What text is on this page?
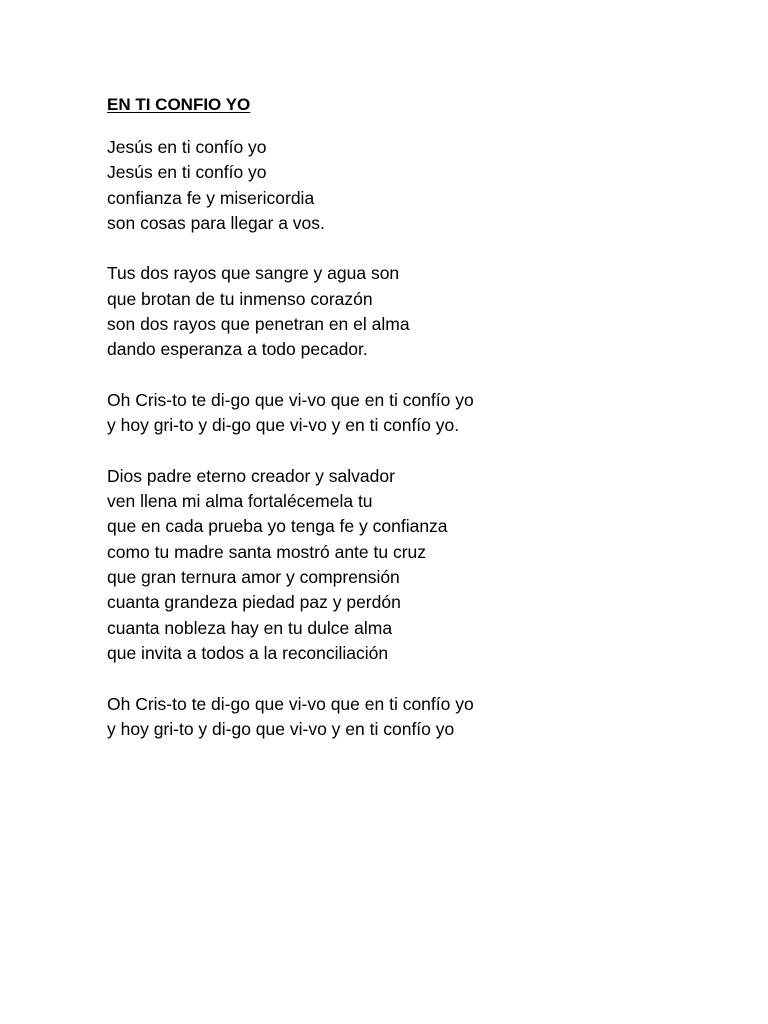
EN TI CONFIO YO
Jesús en ti confío yo
Jesús en ti confío yo
confianza fe y misericordia
son cosas para llegar a vos.
Tus dos rayos que sangre y agua son
que brotan de tu inmenso corazón
son dos rayos que penetran en el alma
dando esperanza a todo pecador.
Oh Cris-to te di-go que vi-vo que en ti confío yo
y hoy gri-to y di-go que vi-vo y en ti confío yo.
Dios padre eterno creador y salvador
ven llena mi alma fortalécemela tu
que en cada prueba yo tenga fe y confianza
como tu madre santa mostró ante tu cruz
que gran ternura amor y comprensión
cuanta grandeza piedad paz y perdón
cuanta nobleza hay en tu dulce alma
que invita a todos a la reconciliación
Oh Cris-to te di-go que vi-vo que en ti confío yo
y hoy gri-to y di-go que vi-vo y en ti confío yo
